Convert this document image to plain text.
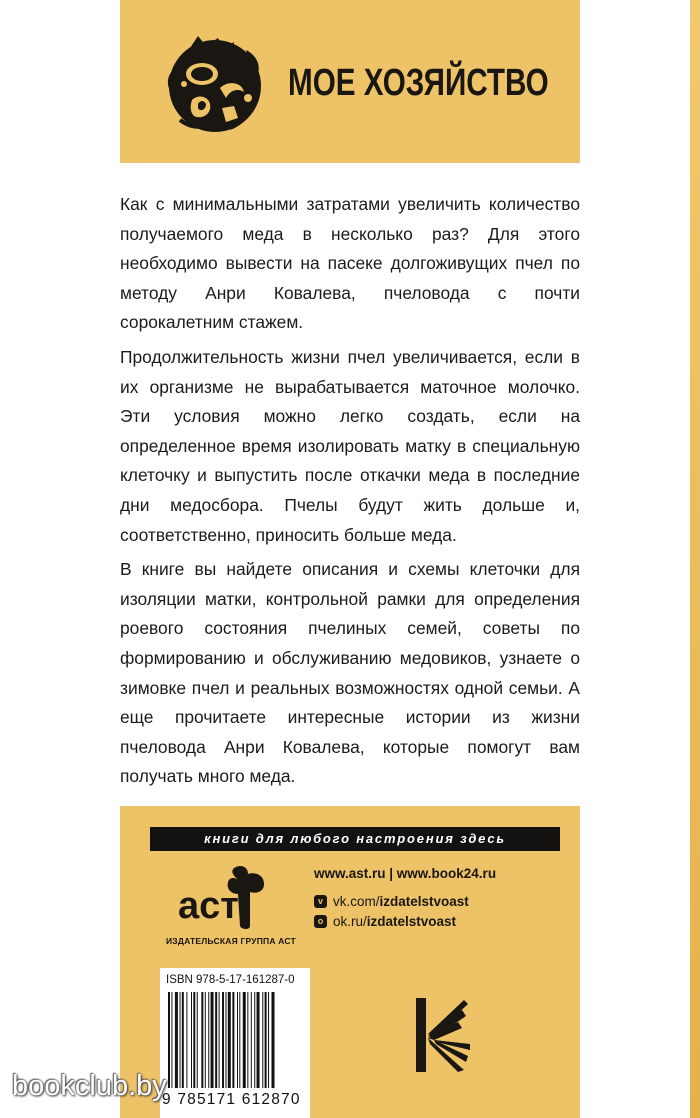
МОЕ ХОЗЯЙСТВО

Как с минимальными затратами увеличить количество получаемого меда в несколько раз? Для этого необходимо вывести на пасеке долгоживущих пчел по методу Анри Ковалева, пчеловода с почти сорокалетним стажем.

Продолжительность жизни пчел увеличивается, если в их организме не вырабатывается маточное молочко. Эти условия можно легко создать, если на определенное время изолировать матку в специальную клеточку и выпустить после откачки меда в последние дни медосбора. Пчелы будут жить дольше и, соответственно, приносить больше меда.

В книге вы найдете описания и схемы клеточки для изоляции матки, контрольной рамки для определения роевого состояния пчелиных семей, советы по формированию и обслуживанию медовиков, узнаете о зимовке пчел и реальных возможностях одной семьи. А еще прочитаете интересные истории из жизни пчеловода Анри Ковалева, которые помогут вам получать много меда.

книги для любого настроения здесь
аст
ИЗДАТЕЛЬСКАЯ ГРУППА АСТ
www.ast.ru | www.book24.ru
v vk.com/ izdatelstvoast
o ok.ru/ izdatelstvoast
ISBN 978-5-17-161287-0
9 785171 612870
bookclub.by
